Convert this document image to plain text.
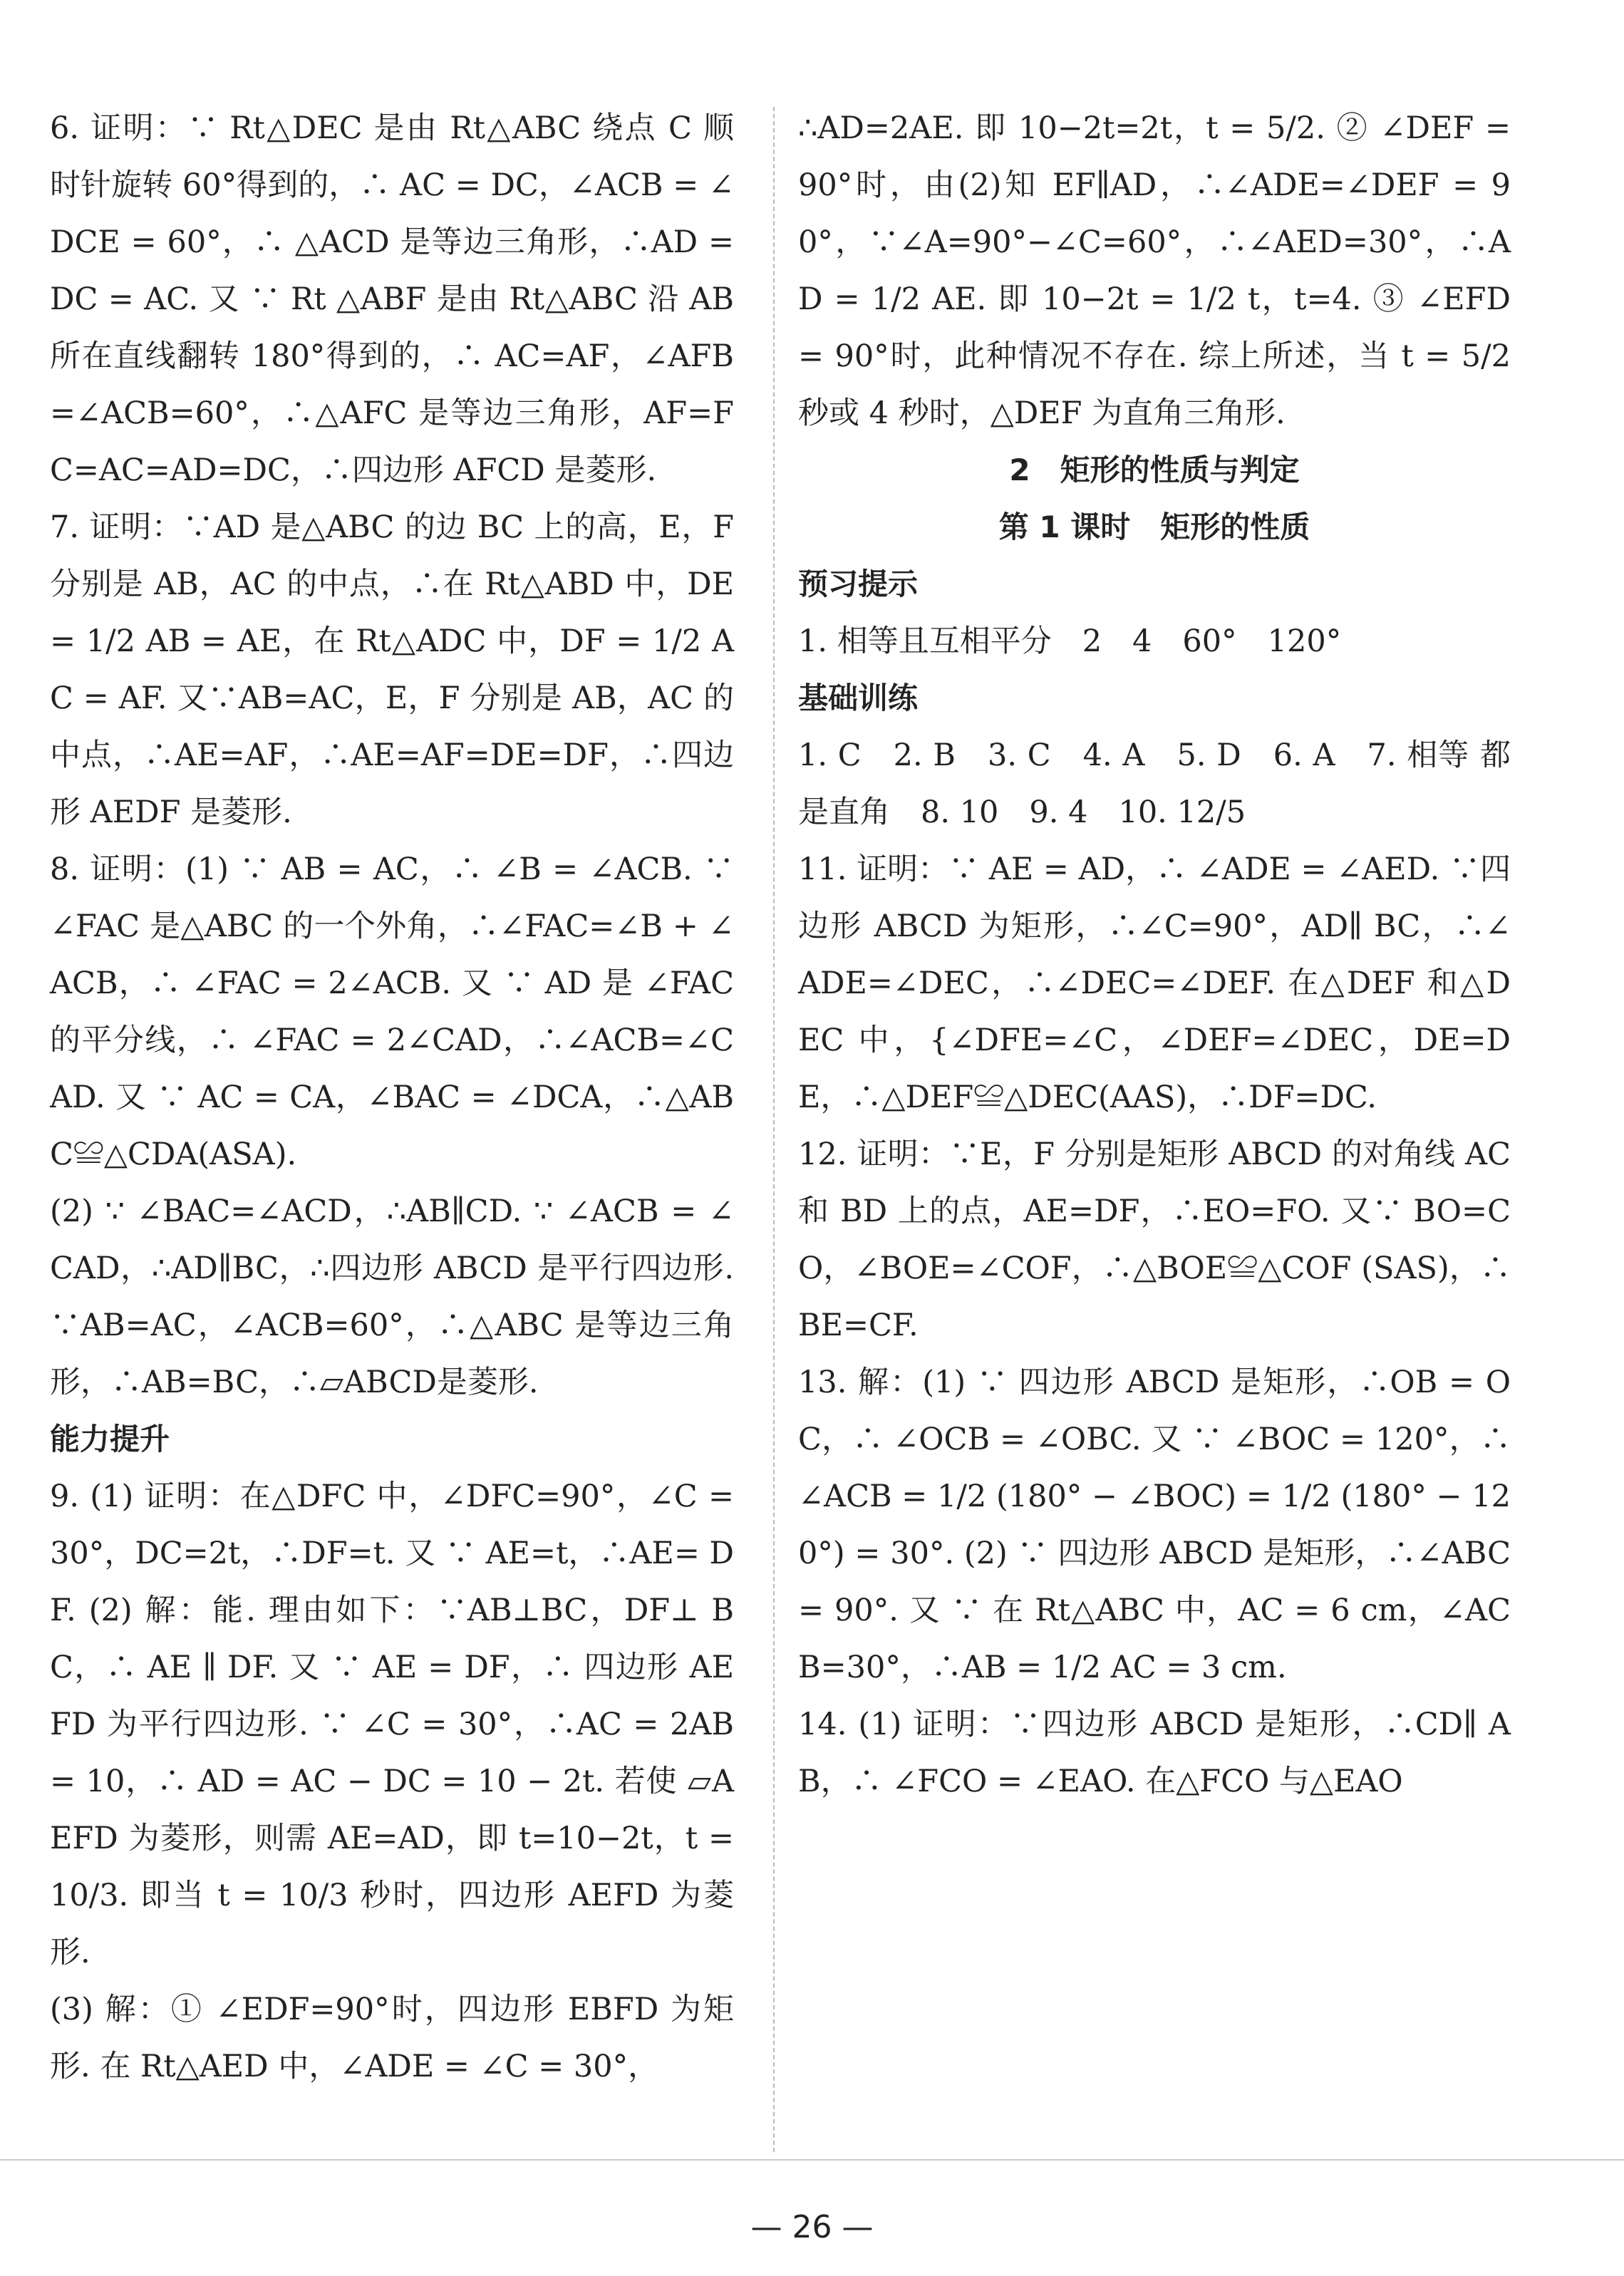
6. 证明：∵ Rt△DEC 是由 Rt△ABC 绕点 C 顺时针旋转 60°得到的，∴ AC = DC，∠ACB = ∠DCE = 60°，∴ △ACD 是等边三角形，∴AD = DC = AC. 又 ∵ Rt △ABF 是由 Rt△ABC 沿 AB 所在直线翻转 180°得到的，∴ AC=AF，∠AFB=∠ACB=60°，∴△AFC 是等边三角形，AF=FC=AC=AD=DC，∴四边形 AFCD 是菱形.

7. 证明：∵AD 是△ABC 的边 BC 上的高，E，F 分别是 AB，AC 的中点，∴在 Rt△ABD 中，DE = 1/2 AB = AE，在 Rt△ADC 中，DF = 1/2 AC = AF. 又∵AB=AC，E，F 分别是 AB，AC 的中点，∴AE=AF，∴AE=AF=DE=DF，∴四边形 AEDF 是菱形.

8. 证明：(1) ∵ AB = AC，∴ ∠B = ∠ACB. ∵ ∠FAC 是△ABC 的一个外角，∴∠FAC=∠B + ∠ACB，∴ ∠FAC = 2∠ACB. 又 ∵ AD 是 ∠FAC 的平分线，∴ ∠FAC = 2∠CAD，∴∠ACB=∠CAD. 又 ∵ AC = CA，∠BAC = ∠DCA，∴△ABC≌△CDA(ASA).

(2) ∵ ∠BAC=∠ACD，∴AB∥CD. ∵ ∠ACB = ∠CAD，∴AD∥BC，∴四边形 ABCD 是平行四边形. ∵AB=AC，∠ACB=60°，∴△ABC 是等边三角形，∴AB=BC，∴▱ABCD是菱形.

能力提升

9. (1) 证明：在△DFC 中，∠DFC=90°，∠C = 30°，DC=2t，∴DF=t. 又 ∵ AE=t，∴AE= DF. (2) 解：能. 理由如下：∵AB⊥BC，DF⊥ BC，∴ AE ∥ DF. 又 ∵ AE = DF，∴ 四边形 AEFD 为平行四边形. ∵ ∠C = 30°，∴AC = 2AB = 10，∴ AD = AC − DC = 10 − 2t. 若使 ▱AEFD 为菱形，则需 AE=AD，即 t=10−2t，t = 10/3. 即当 t = 10/3 秒时，四边形 AEFD 为菱形.

(3) 解：① ∠EDF=90°时，四边形 EBFD 为矩形. 在 Rt△AED 中，∠ADE = ∠C = 30°，

∴AD=2AE. 即 10−2t=2t，t = 5/2. ② ∠DEF = 90°时，由(2)知 EF∥AD，∴∠ADE=∠DEF = 90°，∵∠A=90°−∠C=60°，∴∠AED=30°，∴AD = 1/2 AE. 即 10−2t = 1/2 t，t=4. ③ ∠EFD = 90°时，此种情况不存在. 综上所述，当 t = 5/2 秒或 4 秒时，△DEF 为直角三角形.

2　矩形的性质与判定

第 1 课时　矩形的性质

预习提示

1. 相等且互相平分　2　4　60°　120°

基础训练

1. C　2. B　3. C　4. A　5. D　6. A　7. 相等 都是直角　8. 10　9. 4　10. 12/5

11. 证明：∵ AE = AD，∴ ∠ADE = ∠AED. ∵四边形 ABCD 为矩形，∴∠C=90°，AD∥ BC，∴∠ADE=∠DEC，∴∠DEC=∠DEF. 在△DEF 和△DEC 中，{∠DFE=∠C，∠DEF=∠DEC，DE=DE，∴△DEF≌△DEC(AAS)，∴DF=DC.

12. 证明：∵E，F 分别是矩形 ABCD 的对角线 AC 和 BD 上的点，AE=DF，∴EO=FO. 又∵ BO=CO，∠BOE=∠COF，∴△BOE≌△COF (SAS)，∴BE=CF.

13. 解：(1) ∵ 四边形 ABCD 是矩形，∴OB = OC，∴ ∠OCB = ∠OBC. 又 ∵ ∠BOC = 120°，∴∠ACB = 1/2 (180° − ∠BOC) = 1/2 (180° − 120°) = 30°. (2) ∵ 四边形 ABCD 是矩形，∴∠ABC = 90°. 又 ∵ 在 Rt△ABC 中，AC = 6 cm，∠ACB=30°，∴AB = 1/2 AC = 3 cm.

14. (1) 证明：∵四边形 ABCD 是矩形，∴CD∥ AB，∴ ∠FCO = ∠EAO. 在△FCO 与△EAO

— 26 —
